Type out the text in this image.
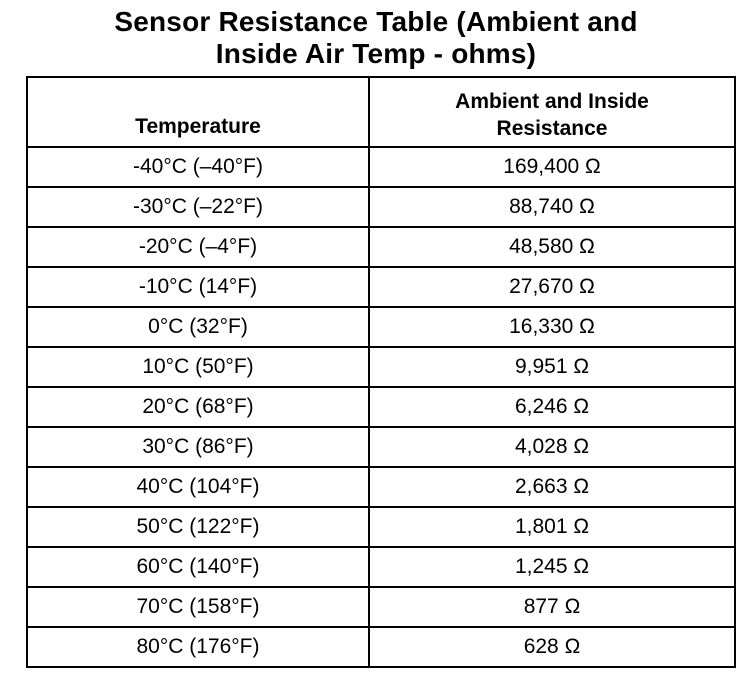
Sensor Resistance Table (Ambient and
Inside Air Temp - ohms)
Temperature	Ambient and Inside
Resistance

-40°C (–40°F)	169,400 Ω
-30°C (–22°F)	88,740 Ω
-20°C (–4°F)	48,580 Ω
-10°C (14°F)	27,670 Ω
0°C (32°F)	16,330 Ω
10°C (50°F)	9,951 Ω
20°C (68°F)	6,246 Ω
30°C (86°F)	4,028 Ω
40°C (104°F)	2,663 Ω
50°C (122°F)	1,801 Ω
60°C (140°F)	1,245 Ω
70°C (158°F)	877 Ω
80°C (176°F)	628 Ω
